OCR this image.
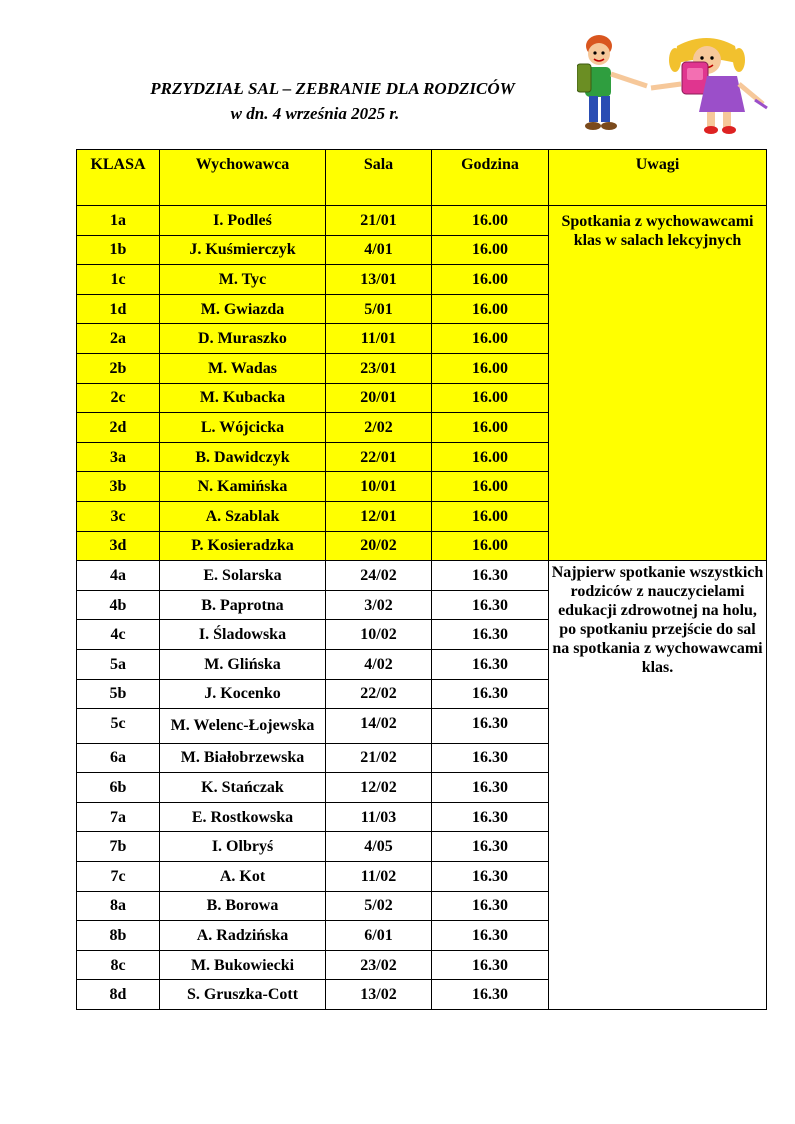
PRZYDZIAŁ SAL – ZEBRANIE DLA RODZICÓW
w dn. 4 września 2025 r.
KLASA	Wychowawca	Sala	Godzina	Uwagi
1a	I. Podleś	21/01	16.00	Spotkania z wychowawcami klas w salach lekcyjnych
1b	J. Kuśmierczyk	4/01	16.00	
1c	M. Tyc	13/01	16.00	
1d	M. Gwiazda	5/01	16.00	
2a	D. Muraszko	11/01	16.00	
2b	M. Wadas	23/01	16.00	
2c	M. Kubacka	20/01	16.00	
2d	L. Wójcicka	2/02	16.00	
3a	B. Dawidczyk	22/01	16.00	
3b	N. Kamińska	10/01	16.00	
3c	A. Szablak	12/01	16.00	
3d	P. Kosieradzka	20/02	16.00	
4a	E. Solarska	24/02	16.30	Najpierw spotkanie wszystkich rodziców z nauczycielami edukacji zdrowotnej na holu, po spotkaniu przejście do sal na spotkania z wychowawcami klas.
4b	B. Paprotna	3/02	16.30	
4c	I. Śladowska	10/02	16.30	
5a	M. Glińska	4/02	16.30	
5b	J. Kocenko	22/02	16.30	
5c	M. Welenc-Łojewska	14/02	16.30	
6a	M. Białobrzewska	21/02	16.30	
6b	K. Stańczak	12/02	16.30	
7a	E. Rostkowska	11/03	16.30	
7b	I. Olbryś	4/05	16.30	
7c	A. Kot	11/02	16.30	
8a	B. Borowa	5/02	16.30	
8b	A. Radzińska	6/01	16.30	
8c	M. Bukowiecki	23/02	16.30	
8d	S. Gruszka-Cott	13/02	16.30	
